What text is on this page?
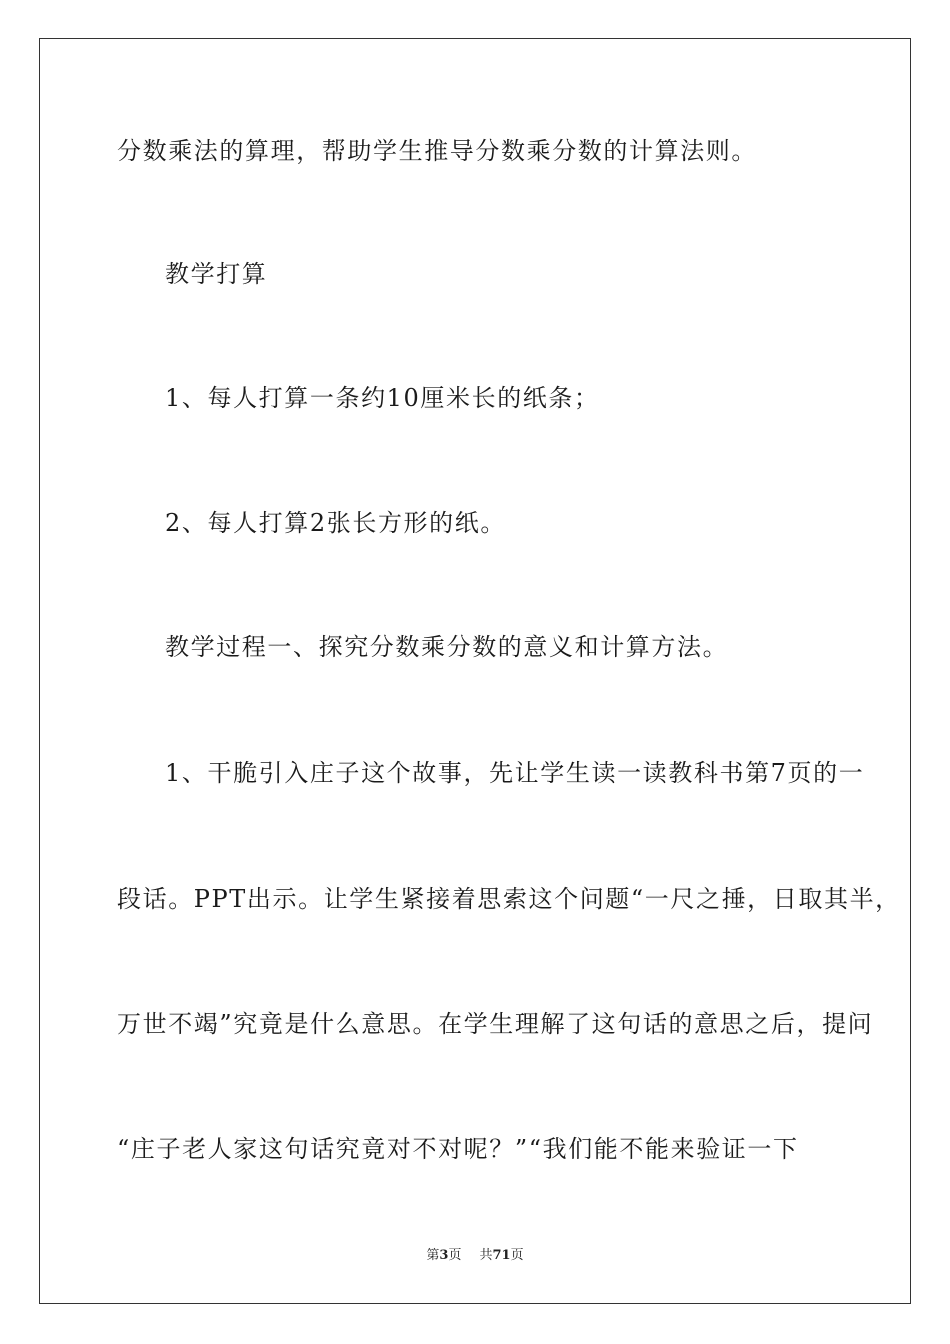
分数乘法的算理，帮助学生推导分数乘分数的计算法则。
教学打算
1、每人打算一条约10厘米长的纸条；
2、每人打算2张长方形的纸。
教学过程一、探究分数乘分数的意义和计算方法。
1、干脆引入庄子这个故事，先让学生读一读教科书第7页的一
段话。PPT出示。让学生紧接着思索这个问题“一尺之捶，日取其半，
万世不竭”究竟是什么意思。在学生理解了这句话的意思之后，提问
“庄子老人家这句话究竟对不对呢？”“我们能不能来验证一下
第3页 共71页
